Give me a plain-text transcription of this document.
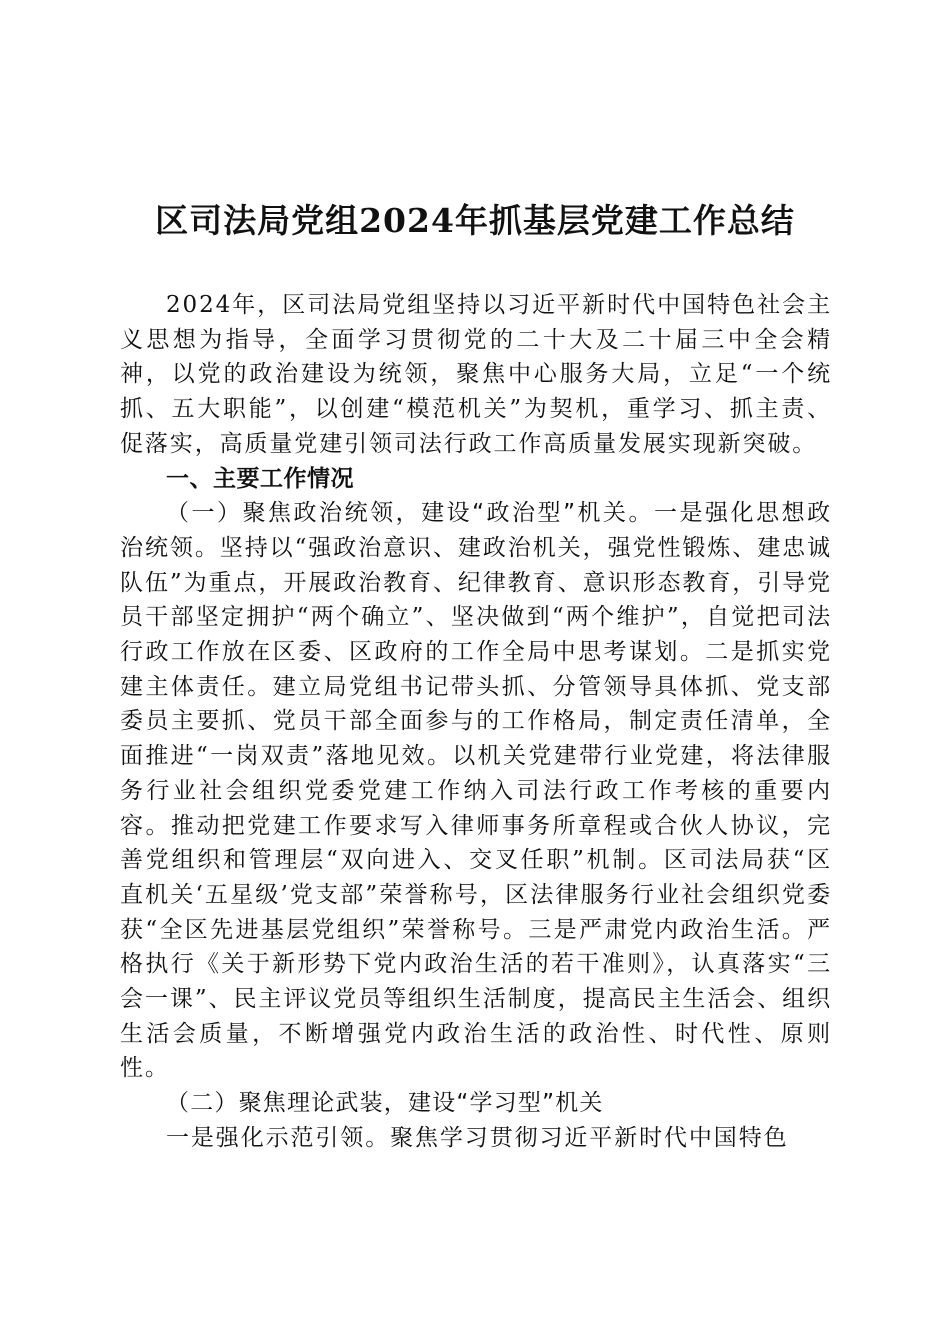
区司法局党组2024年抓基层党建工作总结

2024年，区司法局党组坚持以习近平新时代中国特色社会主义思想为指导，全面学习贯彻党的二十大及二十届三中全会精神，以党的政治建设为统领，聚焦中心服务大局，立足“一个统抓、五大职能”，以创建“模范机关”为契机，重学习、抓主责、促落实，高质量党建引领司法行政工作高质量发展实现新突破。

一、主要工作情况

（一）聚焦政治统领，建设“政治型”机关。一是强化思想政治统领。坚持以“强政治意识、建政治机关，强党性锻炼、建忠诚队伍”为重点，开展政治教育、纪律教育、意识形态教育，引导党员干部坚定拥护“两个确立”、坚决做到“两个维护”，自觉把司法行政工作放在区委、区政府的工作全局中思考谋划。二是抓实党建主体责任。建立局党组书记带头抓、分管领导具体抓、党支部委员主要抓、党员干部全面参与的工作格局，制定责任清单，全面推进“一岗双责”落地见效。以机关党建带行业党建，将法律服务行业社会组织党委党建工作纳入司法行政工作考核的重要内容。推动把党建工作要求写入律师事务所章程或合伙人协议，完善党组织和管理层“双向进入、交叉任职”机制。区司法局获“区直机关‘五星级’党支部”荣誉称号，区法律服务行业社会组织党委获“全区先进基层党组织”荣誉称号。三是严肃党内政治生活。严格执行《关于新形势下党内政治生活的若干准则》，认真落实“三会一课”、民主评议党员等组织生活制度，提高民主生活会、组织生活会质量，不断增强党内政治生活的政治性、时代性、原则性。

（二）聚焦理论武装，建设“学习型”机关

一是强化示范引领。聚焦学习贯彻习近平新时代中国特色
